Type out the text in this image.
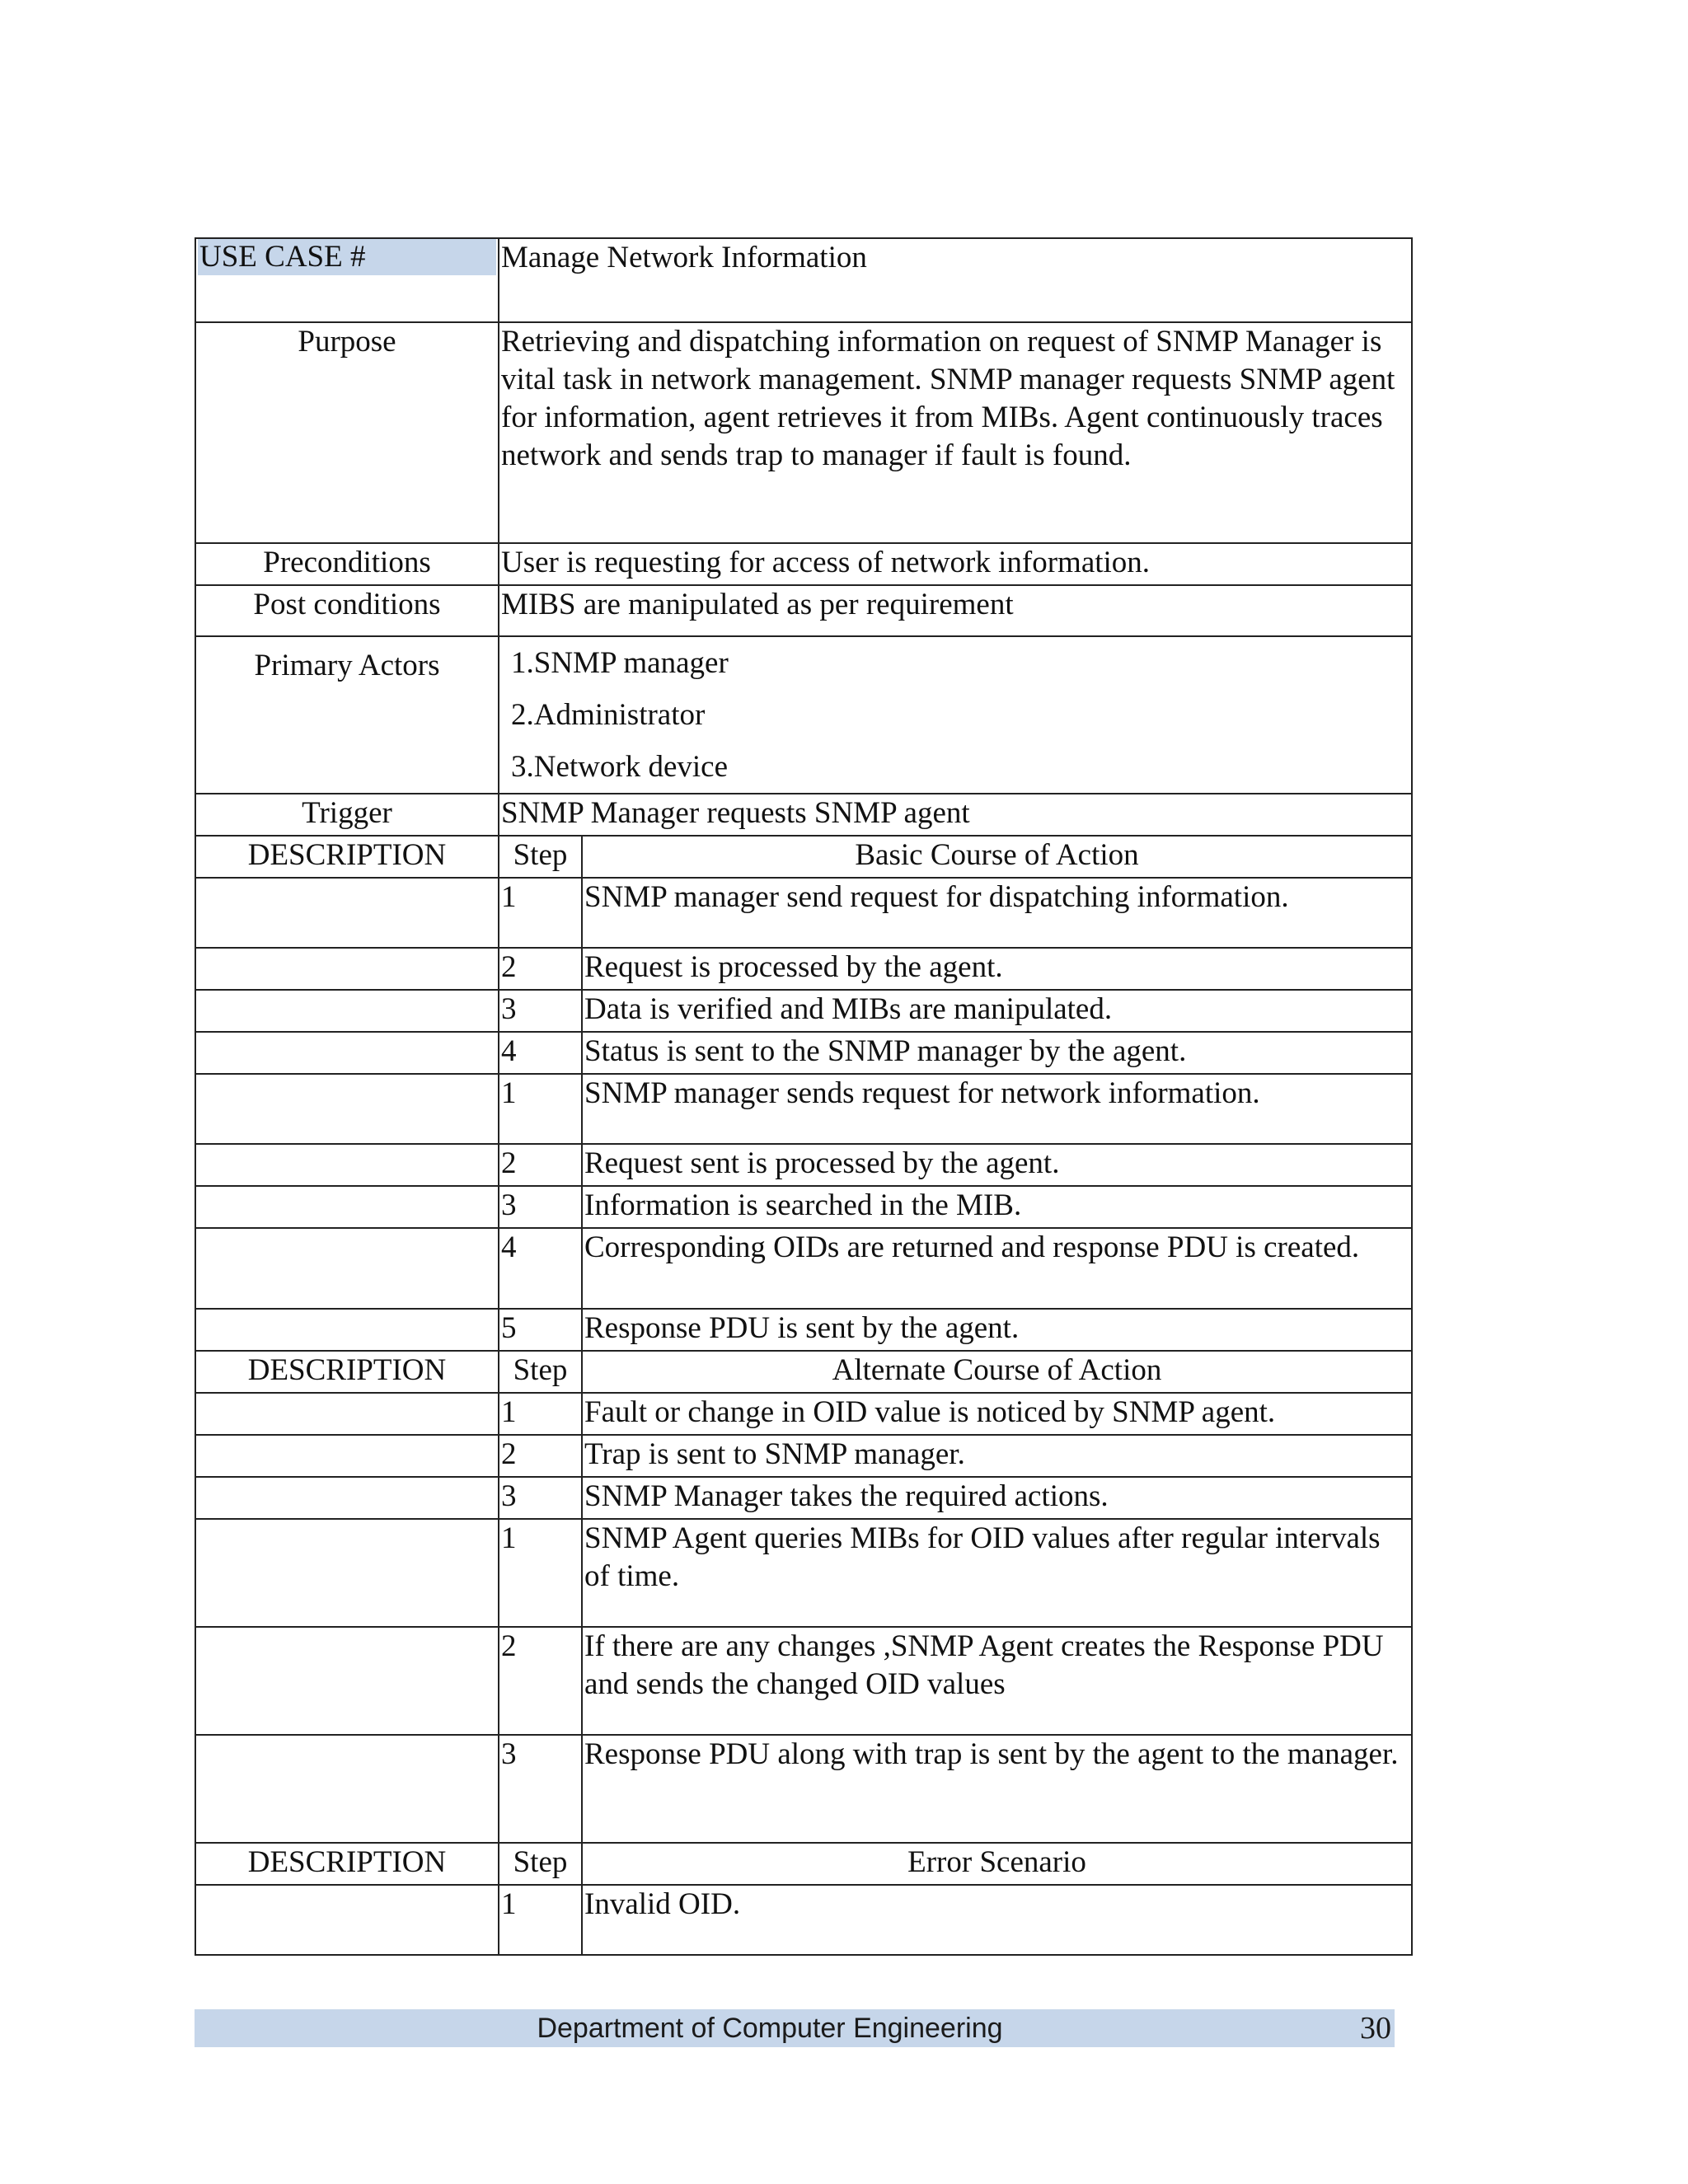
USE CASE #	Manage Network Information	
Purpose	Retrieving and dispatching information on request of SNMP Manager is vital task in network management. SNMP manager requests SNMP agent for information, agent retrieves it from MIBs. Agent continuously traces network and sends trap to manager if fault is found.	
Preconditions	User is requesting for access of network information.	
Post conditions	MIBS are manipulated as per requirement	
Primary Actors	1.SNMP manager
2.Administrator
3.Network device	

Trigger	SNMP Manager requests SNMP agent	
DESCRIPTION	Step	Basic Course of Action
	1	SNMP manager send request for dispatching information.
	2	Request is processed by the agent.
	3	Data is verified and MIBs are manipulated.
	4	Status is sent to the SNMP manager by the agent.
	1	SNMP manager sends request for network information.
	2	Request sent is processed by the agent.
	3	Information is searched in the MIB.
	4	Corresponding OIDs are returned and response PDU is created.
	5	Response PDU is sent by the agent.
DESCRIPTION	Step	Alternate Course of Action
	1	Fault or change in OID value is noticed by SNMP agent.
	2	Trap is sent to SNMP manager.
	3	SNMP Manager takes the required actions.
	1	SNMP Agent queries MIBs for OID values after regular intervals of time.
	2	If there are any changes ,SNMP Agent creates the Response PDU and sends the changed OID values
	3	Response PDU along with trap is sent by the agent to the manager.
DESCRIPTION	Step	Error Scenario
	1	Invalid OID.
Department of Computer Engineering	30
